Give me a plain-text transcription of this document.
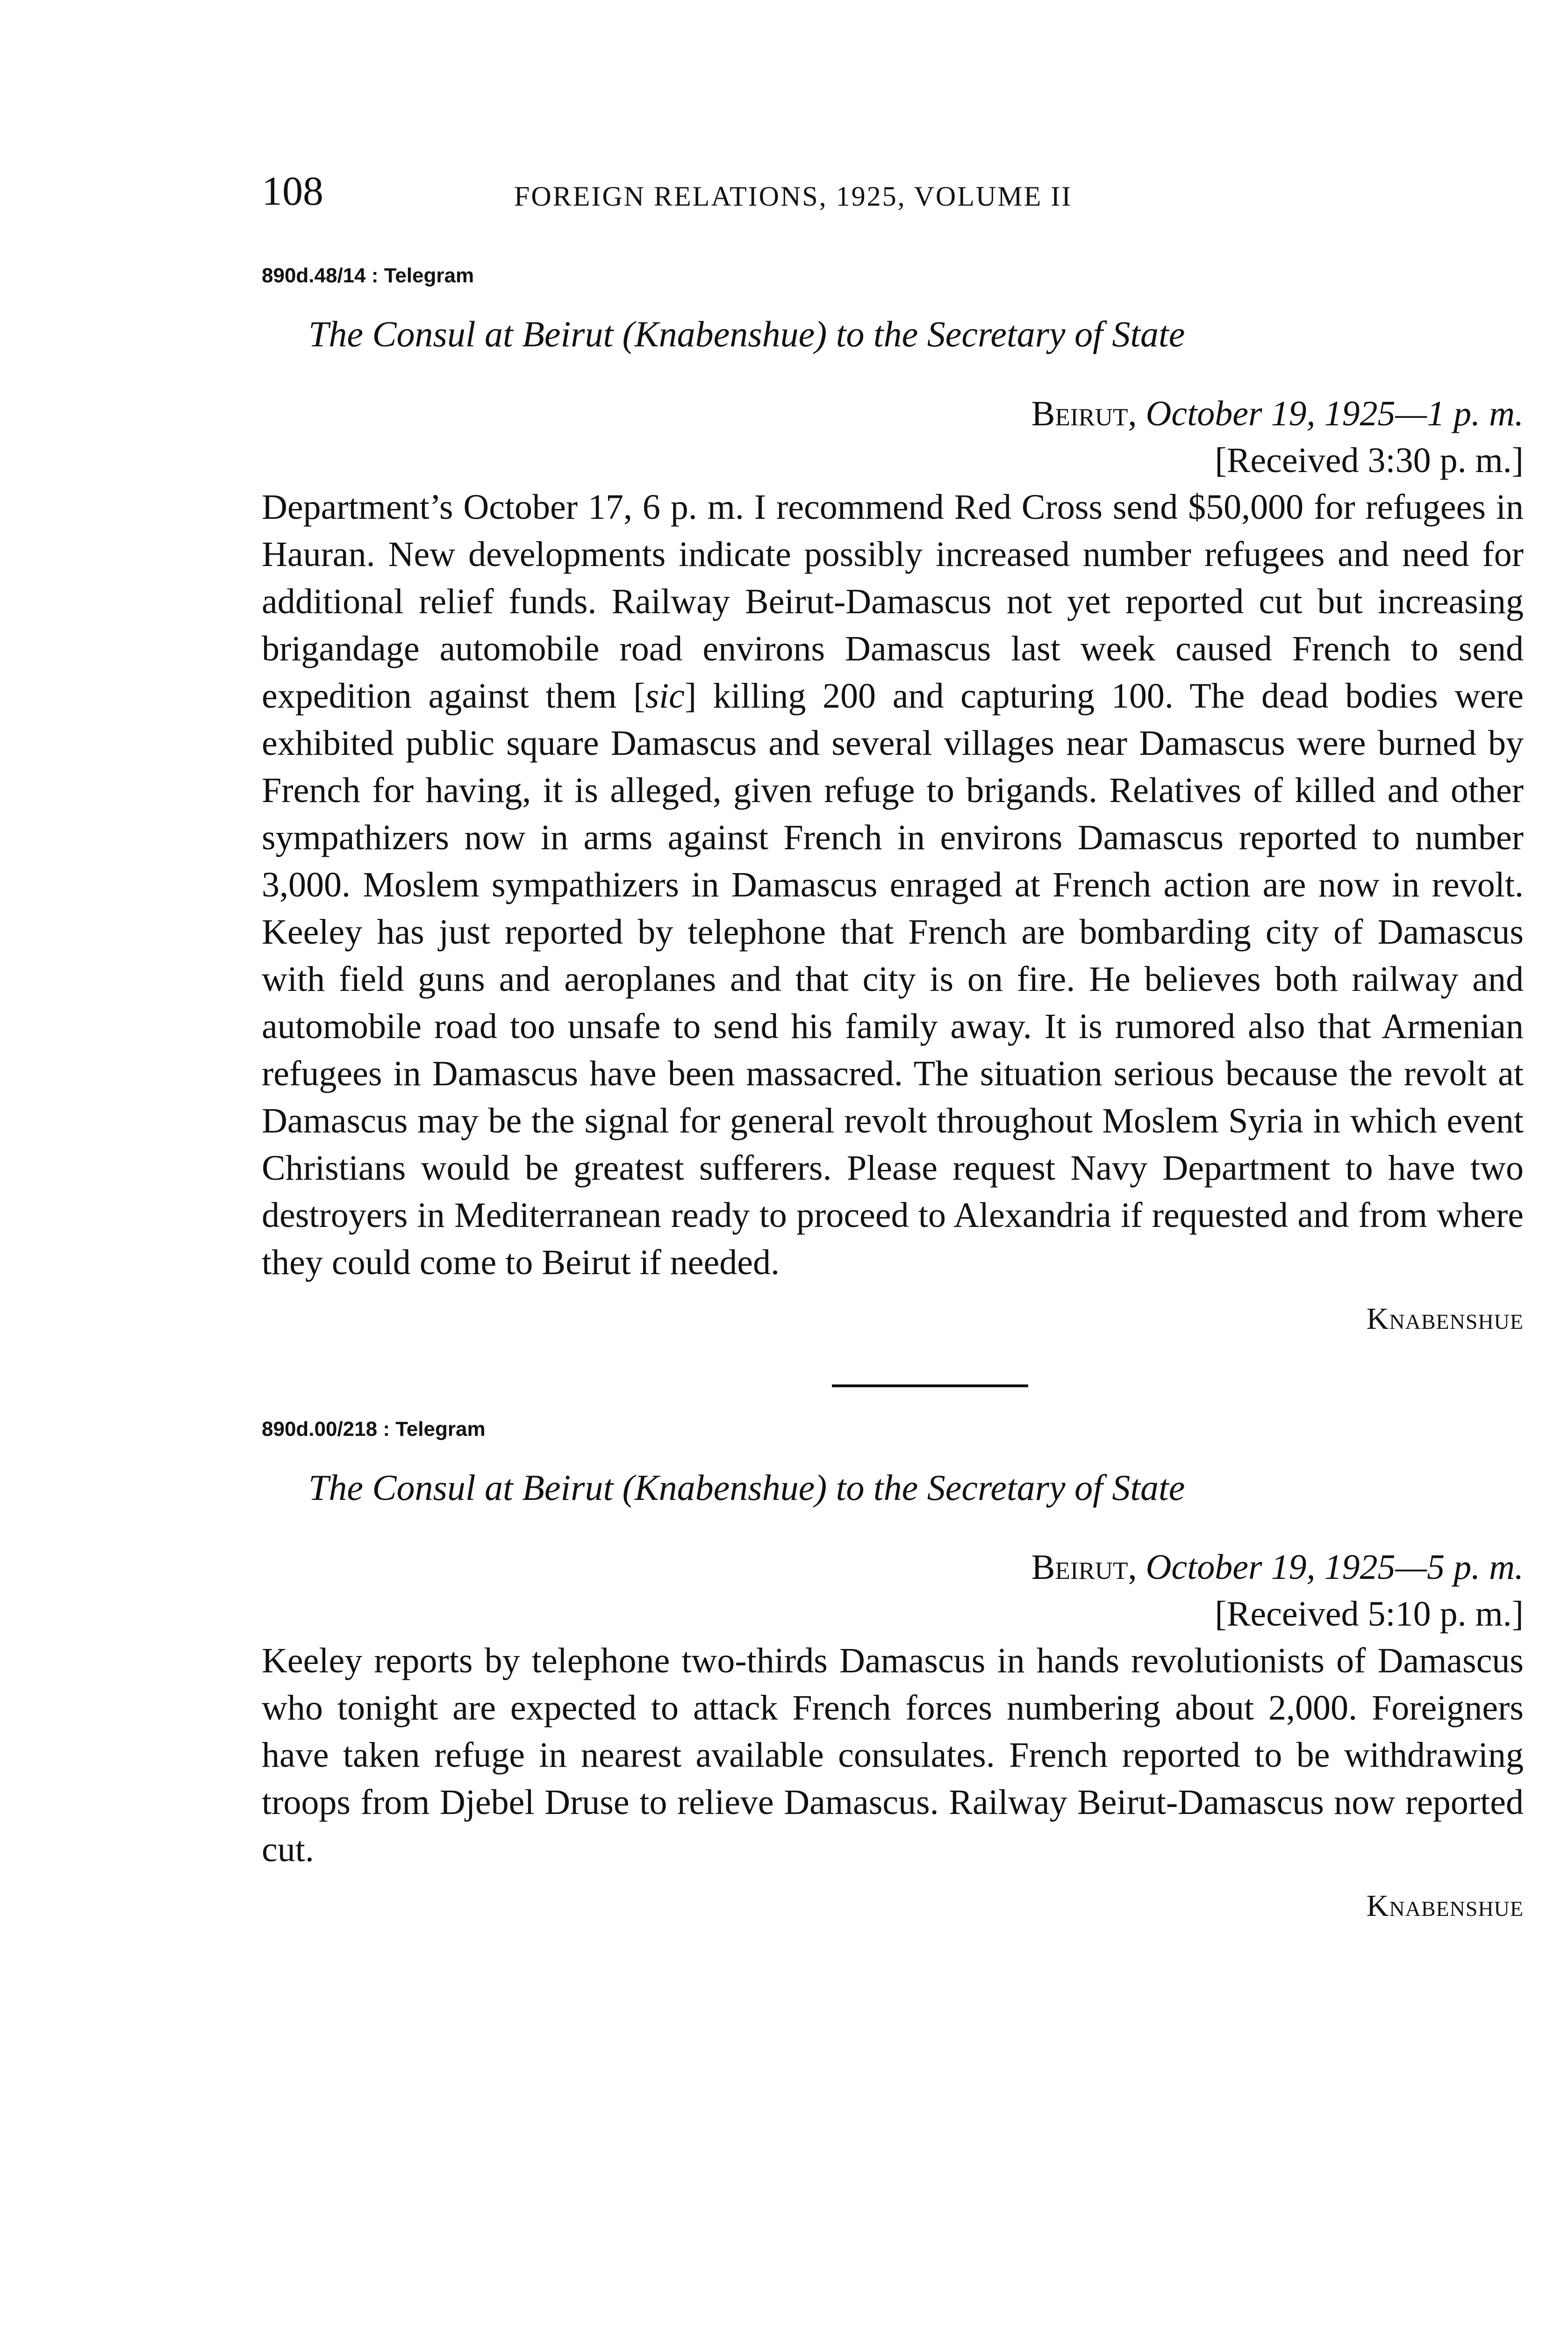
108	FOREIGN RELATIONS, 1925, VOLUME II
890d.48/14 : Telegram
The Consul at Beirut (Knabenshue) to the Secretary of State
Beirut, October 19, 1925—1 p. m.
[Received 3:30 p. m.]

Department’s October 17, 6 p. m. I recommend Red Cross send $50,000 for refugees in Hauran. New developments indicate possibly increased number refugees and need for additional relief funds. Railway Beirut-Damascus not yet reported cut but increasing brigandage automobile road environs Damascus last week caused French to send expedition against them [sic] killing 200 and capturing 100. The dead bodies were exhibited public square Damascus and several villages near Damascus were burned by French for having, it is alleged, given refuge to brigands. Relatives of killed and other sympathizers now in arms against French in environs Damascus reported to number 3,000. Moslem sympathizers in Damascus enraged at French action are now in revolt. Keeley has just reported by telephone that French are bombarding city of Damascus with field guns and aeroplanes and that city is on fire. He believes both railway and automobile road too unsafe to send his family away. It is rumored also that Armenian refugees in Damascus have been massacred. The situation serious because the revolt at Damascus may be the signal for general revolt throughout Moslem Syria in which event Christians would be greatest sufferers. Please request Navy Department to have two destroyers in Mediterranean ready to proceed to Alexandria if requested and from where they could come to Beirut if needed.

Knabenshue
890d.00/218 : Telegram
The Consul at Beirut (Knabenshue) to the Secretary of State
Beirut, October 19, 1925—5 p. m.
[Received 5:10 p. m.]

Keeley reports by telephone two-thirds Damascus in hands revolutionists of Damascus who tonight are expected to attack French forces numbering about 2,000. Foreigners have taken refuge in nearest available consulates. French reported to be withdrawing troops from Djebel Druse to relieve Damascus. Railway Beirut-Damascus now reported cut.

Knabenshue
